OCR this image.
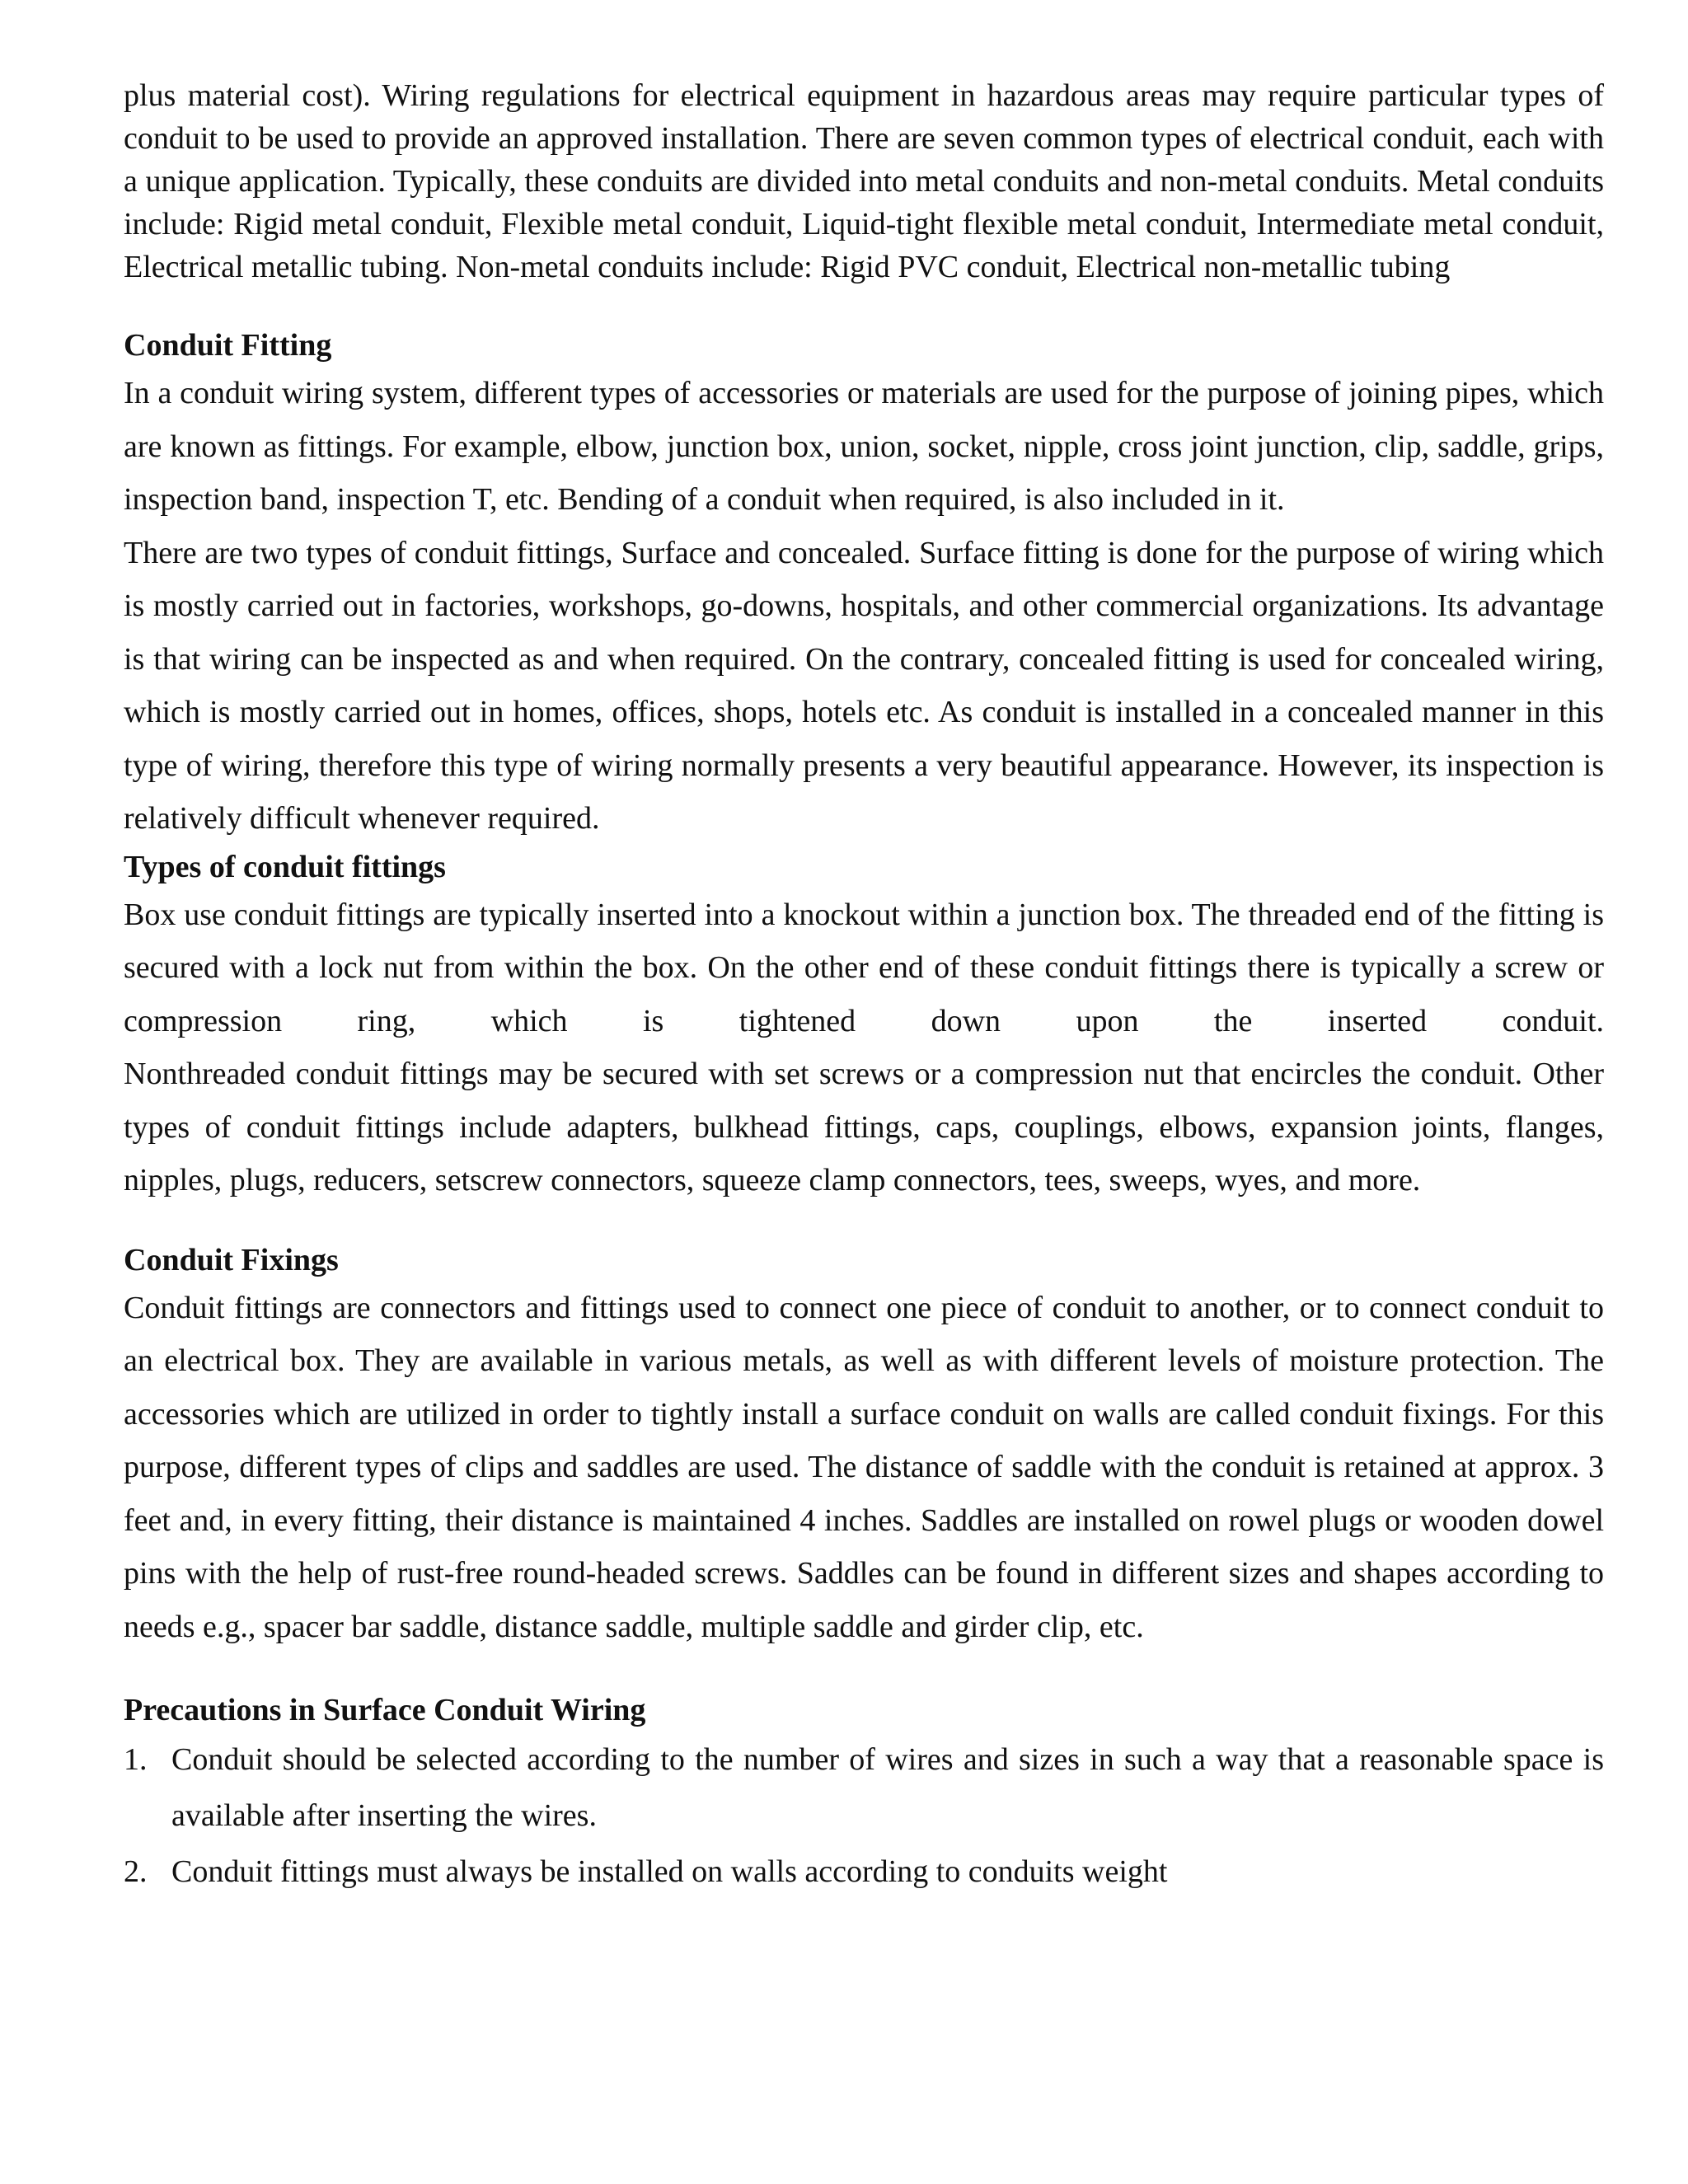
plus material cost). Wiring regulations for electrical equipment in hazardous areas may require particular types of conduit to be used to provide an approved installation. There are seven common types of electrical conduit, each with a unique application. Typically, these conduits are divided into metal conduits and non-metal conduits. Metal conduits include: Rigid metal conduit, Flexible metal conduit, Liquid-tight flexible metal conduit, Intermediate metal conduit, Electrical metallic tubing. Non-metal conduits include: Rigid PVC conduit, Electrical non-metallic tubing

Conduit Fitting

In a conduit wiring system, different types of accessories or materials are used for the purpose of joining pipes, which are known as fittings. For example, elbow, junction box, union, socket, nipple, cross joint junction, clip, saddle, grips, inspection band, inspection T, etc. Bending of a conduit when required, is also included in it.

There are two types of conduit fittings, Surface and concealed. Surface fitting is done for the purpose of wiring which is mostly carried out in factories, workshops, go-downs, hospitals, and other commercial organizations. Its advantage is that wiring can be inspected as and when required. On the contrary, concealed fitting is used for concealed wiring, which is mostly carried out in homes, offices, shops, hotels etc. As conduit is installed in a concealed manner in this type of wiring, therefore this type of wiring normally presents a very beautiful appearance. However, its inspection is relatively difficult whenever required.

Types of conduit fittings

Box use conduit fittings are typically inserted into a knockout within a junction box. The threaded end of the fitting is secured with a lock nut from within the box. On the other end of these conduit fittings there is typically a screw or compression ring, which is tightened down upon the inserted conduit.

Nonthreaded conduit fittings may be secured with set screws or a compression nut that encircles the conduit. Other types of conduit fittings include adapters, bulkhead fittings, caps, couplings, elbows, expansion joints, flanges, nipples, plugs, reducers, setscrew connectors, squeeze clamp connectors, tees, sweeps, wyes, and more.

Conduit Fixings

Conduit fittings are connectors and fittings used to connect one piece of conduit to another, or to connect conduit to an electrical box. They are available in various metals, as well as with different levels of moisture protection. The accessories which are utilized in order to tightly install a surface conduit on walls are called conduit fixings. For this purpose, different types of clips and saddles are used. The distance of saddle with the conduit is retained at approx. 3 feet and, in every fitting, their distance is maintained 4 inches. Saddles are installed on rowel plugs or wooden dowel pins with the help of rust-free round-headed screws. Saddles can be found in different sizes and shapes according to needs e.g., spacer bar saddle, distance saddle, multiple saddle and girder clip, etc.

Precautions in Surface Conduit Wiring
1. Conduit should be selected according to the number of wires and sizes in such a way that a reasonable space is available after inserting the wires.
2. Conduit fittings must always be installed on walls according to conduits weight
